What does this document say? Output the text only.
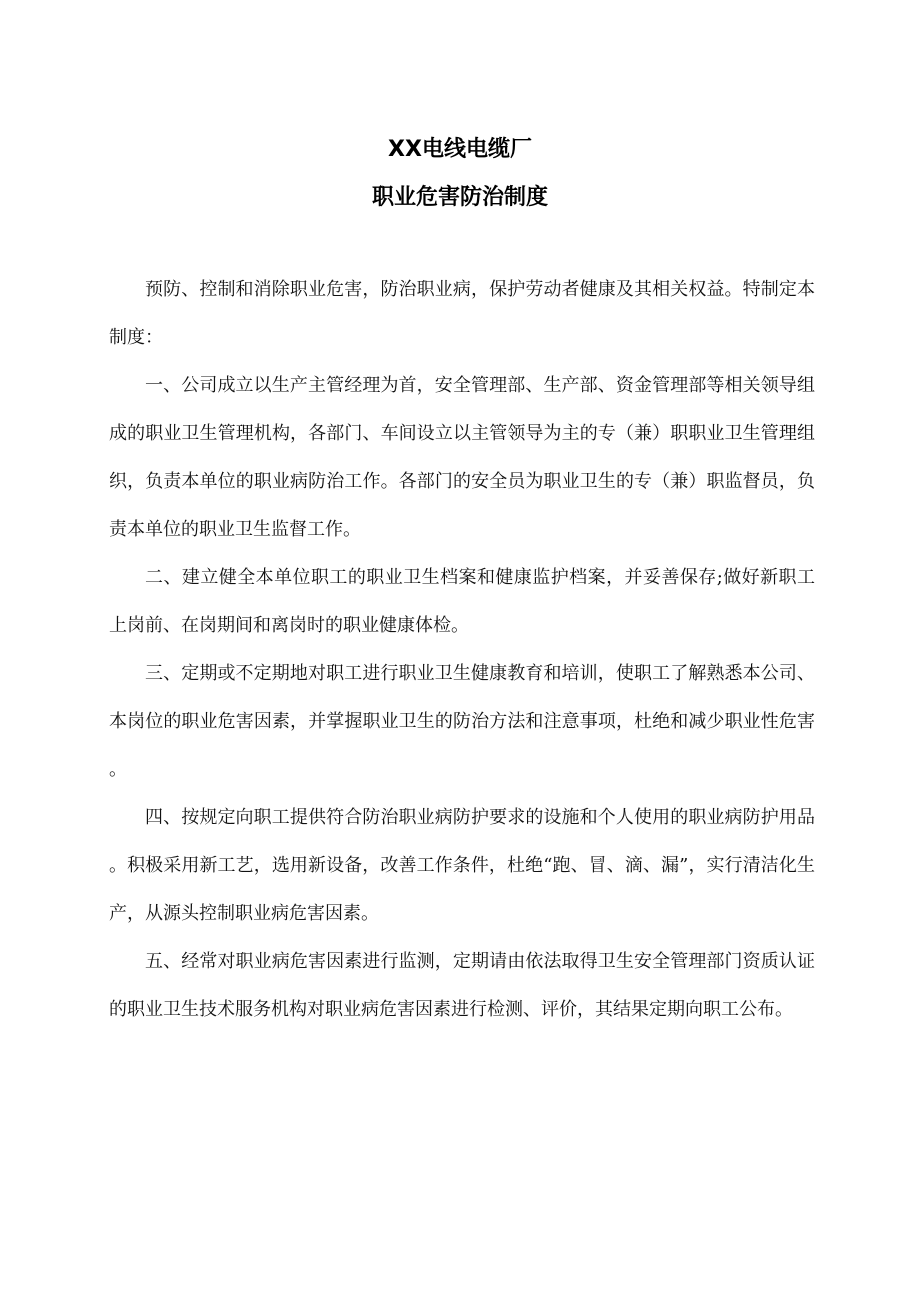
XX电线电缆厂
职业危害防治制度

预防、控制和消除职业危害，防治职业病，保护劳动者健康及其相关权益。特制定本制度：

一、公司成立以生产主管经理为首，安全管理部、生产部、资金管理部等相关领导组成的职业卫生管理机构，各部门、车间设立以主管领导为主的专（兼）职职业卫生管理组织，负责本单位的职业病防治工作。各部门的安全员为职业卫生的专（兼）职监督员，负责本单位的职业卫生监督工作。

二、建立健全本单位职工的职业卫生档案和健康监护档案，并妥善保存;做好新职工上岗前、在岗期间和离岗时的职业健康体检。

三、定期或不定期地对职工进行职业卫生健康教育和培训，使职工了解熟悉本公司、本岗位的职业危害因素，并掌握职业卫生的防治方法和注意事项，杜绝和减少职业性危害。

四、按规定向职工提供符合防治职业病防护要求的设施和个人使用的职业病防护用品。积极采用新工艺，选用新设备，改善工作条件，杜绝“跑、冒、滴、漏”，实行清洁化生产，从源头控制职业病危害因素。

五、经常对职业病危害因素进行监测，定期请由依法取得卫生安全管理部门资质认证的职业卫生技术服务机构对职业病危害因素进行检测、评价，其结果定期向职工公布。
